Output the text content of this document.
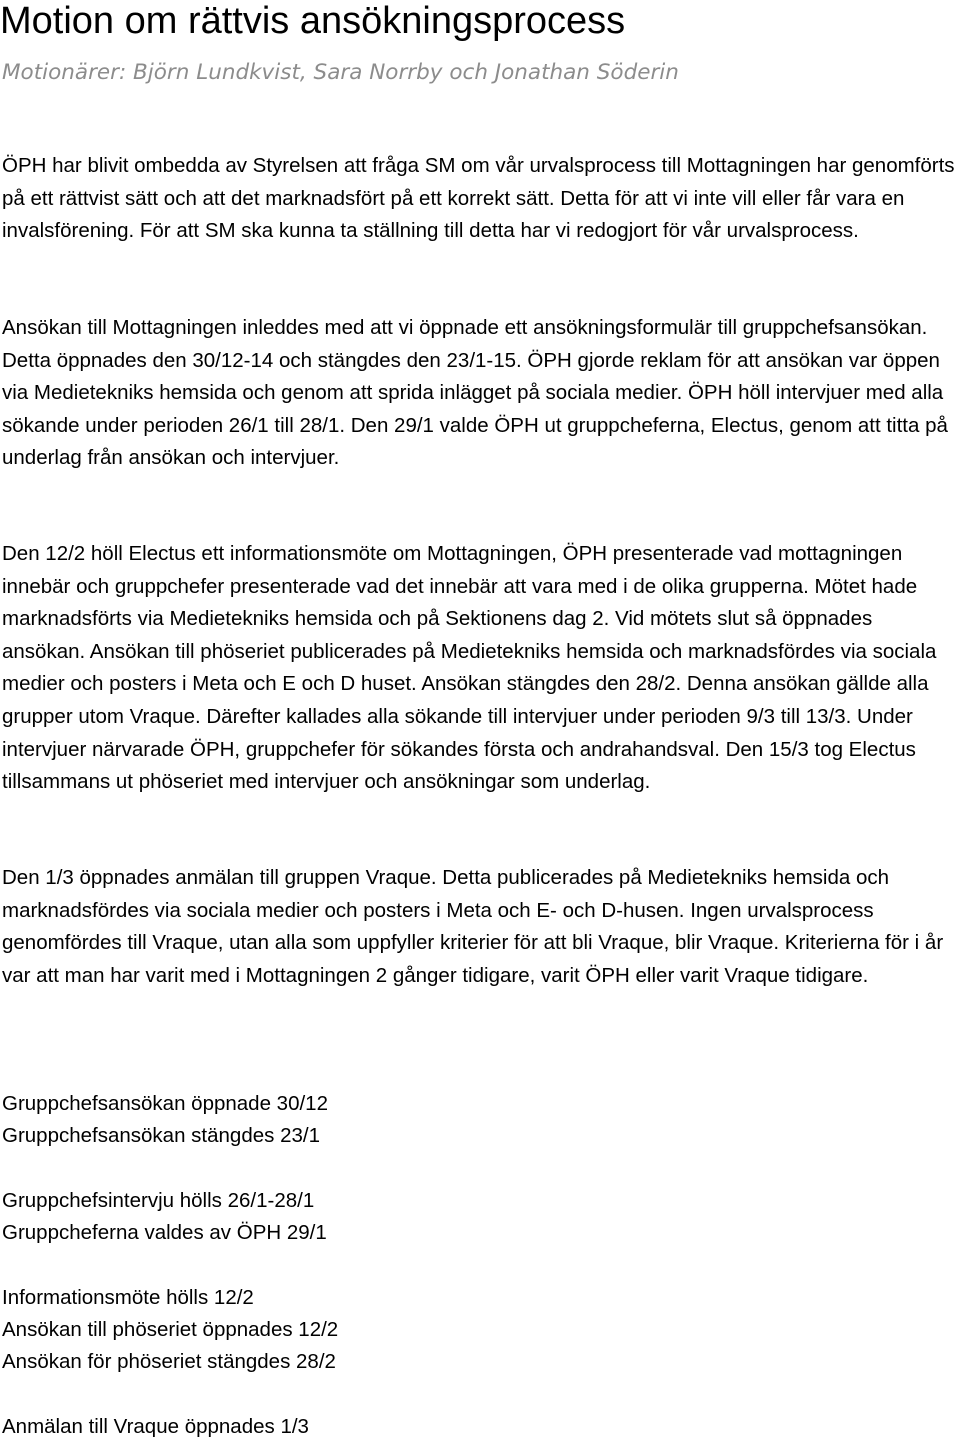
Motion om rättvis ansökningsprocess

Motionärer: Björn Lundkvist, Sara Norrby och Jonathan Söderin

ÖPH har blivit ombedda av Styrelsen att fråga SM om vår urvalsprocess till Mottagningen har genomförts på ett rättvist sätt och att det marknadsfört på ett korrekt sätt. Detta för att vi inte vill eller får vara en invalsförening. För att SM ska kunna ta ställning till detta har vi redogjort för vår urvalsprocess.

Ansökan till Mottagningen inleddes med att vi öppnade ett ansökningsformulär till gruppchefsansökan. Detta öppnades den 30/12-14 och stängdes den 23/1-15. ÖPH gjorde reklam för att ansökan var öppen via Medietekniks hemsida och genom att sprida inlägget på sociala medier. ÖPH höll intervjuer med alla sökande under perioden 26/1 till 28/1. Den 29/1 valde ÖPH ut gruppcheferna, Electus, genom att titta på underlag från ansökan och intervjuer.

Den 12/2 höll Electus ett informationsmöte om Mottagningen, ÖPH presenterade vad mottagningen innebär och gruppchefer presenterade vad det innebär att vara med i de olika grupperna. Mötet hade marknadsförts via Medietekniks hemsida och på Sektionens dag 2. Vid mötets slut så öppnades ansökan. Ansökan till phöseriet publicerades på Medietekniks hemsida och marknadsfördes via sociala medier och posters i Meta och E och D huset. Ansökan stängdes den 28/2. Denna ansökan gällde alla grupper utom Vraque. Därefter kallades alla sökande till intervjuer under perioden 9/3 till 13/3. Under intervjuer närvarade ÖPH, gruppchefer för sökandes första och andrahandsval. Den 15/3 tog Electus tillsammans ut phöseriet med intervjuer och ansökningar som underlag.

Den 1/3 öppnades anmälan till gruppen Vraque. Detta publicerades på Medietekniks hemsida och marknadsfördes via sociala medier och posters i Meta och E- och D-husen. Ingen urvalsprocess genomfördes till Vraque, utan alla som uppfyller kriterier för att bli Vraque, blir Vraque. Kriterierna för i år var att man har varit med i Mottagningen 2 gånger tidigare, varit ÖPH eller varit Vraque tidigare.

Gruppchefsansökan öppnade 30/12

Gruppchefsansökan stängdes 23/1

Gruppchefsintervju hölls 26/1-28/1

Gruppcheferna valdes av ÖPH 29/1

Informationsmöte hölls 12/2

Ansökan till phöseriet öppnades 12/2

Ansökan för phöseriet stängdes 28/2

Anmälan till Vraque öppnades 1/3
